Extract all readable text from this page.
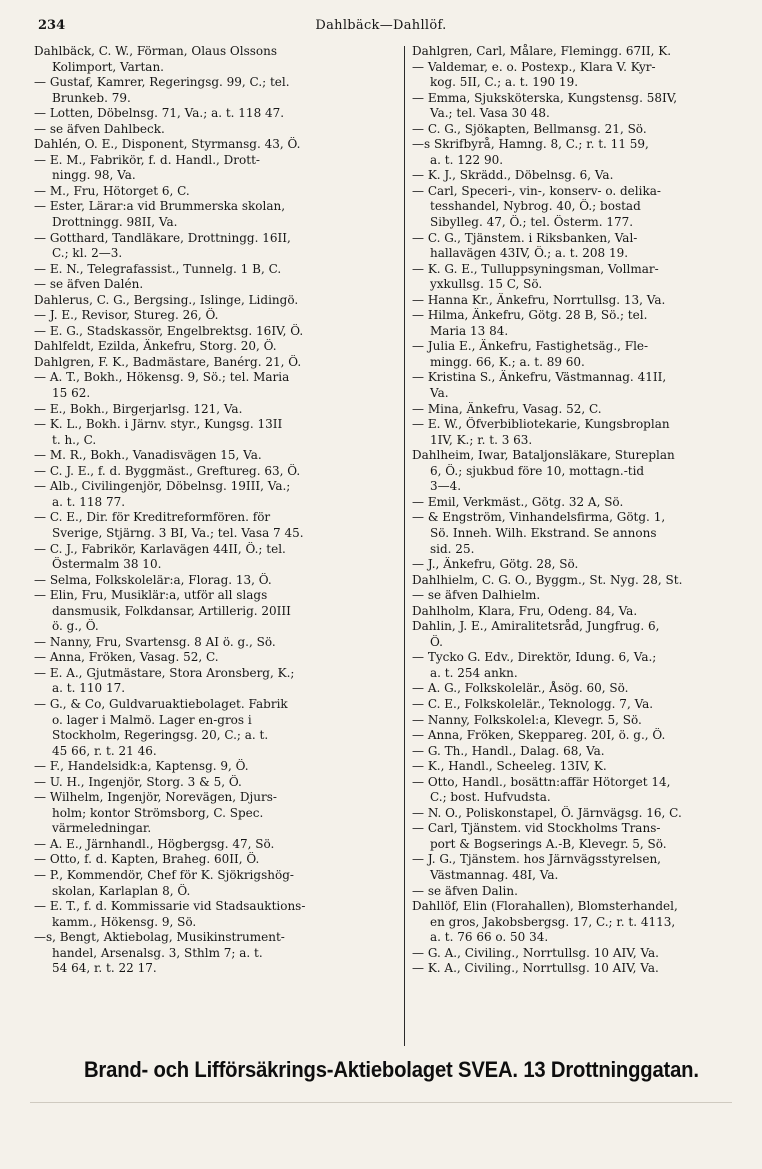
234	Dahlbäck—Dahllöf.
Dahlbäck, C. W., Förman, Olaus Olssons
Kolimport, Vartan.
— Gustaf, Kamrer, Regeringsg. 99, C.; tel.
Brunkeb. 79.
— Lotten, Döbelnsg. 71, Va.; a. t. 118 47.
— se äfven Dahlbeck.
Dahlén, O. E., Disponent, Styrmansg. 43, Ö.
— E. M., Fabrikör, f. d. Handl., Drott-
ningg. 98, Va.
— M., Fru, Hötorget 6, C.
— Ester, Lärar:a vid Brummerska skolan,
Drottningg. 98II, Va.
— Gotthard, Tandläkare, Drottningg. 16II,
C.; kl. 2—3.
— E. N., Telegrafassist., Tunnelg. 1 B, C.
— se äfven Dalén.
Dahlerus, C. G., Bergsing., Islinge, Lidingö.
— J. E., Revisor, Stureg. 26, Ö.
— E. G., Stadskassör, Engelbrektsg. 16IV, Ö.
Dahlfeldt, Ezilda, Änkefru, Storg. 20, Ö.
Dahlgren, F. K., Badmästare, Banérg. 21, Ö.
— A. T., Bokh., Hökensg. 9, Sö.; tel. Maria
15 62.
— E., Bokh., Birgerjarlsg. 121, Va.
— K. L., Bokh. i Järnv. styr., Kungsg. 13II
t. h., C.
— M. R., Bokh., Vanadisvägen 15, Va.
— C. J. E., f. d. Byggmäst., Greftureg. 63, Ö.
— Alb., Civilingenjör, Döbelnsg. 19III, Va.;
a. t. 118 77.
— C. E., Dir. för Kreditreformfören. för
Sverige, Stjärng. 3 BI, Va.; tel. Vasa 7 45.
— C. J., Fabrikör, Karlavägen 44II, Ö.; tel.
Östermalm 38 10.
— Selma, Folkskolelär:a, Florag. 13, Ö.
— Elin, Fru, Musiklär:a, utför all slags
dansmusik, Folkdansar, Artillerig. 20III
ö. g., Ö.
— Nanny, Fru, Svartensg. 8 AI ö. g., Sö.
— Anna, Fröken, Vasag. 52, C.
— E. A., Gjutmästare, Stora Aronsberg, K.;
a. t. 110 17.
— G., & Co, Guldvaruaktiebolaget. Fabrik
o. lager i Malmö. Lager en-gros i
Stockholm, Regeringsg. 20, C.; a. t.
45 66, r. t. 21 46.
— F., Handelsidk:a, Kaptensg. 9, Ö.
— U. H., Ingenjör, Storg. 3 & 5, Ö.
— Wilhelm, Ingenjör, Norevägen, Djurs-
holm; kontor Strömsborg, C. Spec.
värmeledningar.
— A. E., Järnhandl., Högbergsg. 47, Sö.
— Otto, f. d. Kapten, Braheg. 60II, Ö.
— P., Kommendör, Chef för K. Sjökrigshög-
skolan, Karlaplan 8, Ö.
— E. T., f. d. Kommissarie vid Stadsauktions-
kamm., Hökensg. 9, Sö.
—s, Bengt, Aktiebolag, Musikinstrument-
handel, Arsenalsg. 3, Sthlm 7; a. t.
54 64, r. t. 22 17.
Dahlgren, Carl, Målare, Flemingg. 67II, K.
— Valdemar, e. o. Postexp., Klara V. Kyr-
kog. 5II, C.; a. t. 190 19.
— Emma, Sjuksköterska, Kungstensg. 58IV,
Va.; tel. Vasa 30 48.
— C. G., Sjökapten, Bellmansg. 21, Sö.
—s Skrifbyrå, Hamng. 8, C.; r. t. 11 59,
a. t. 122 90.
— K. J., Skrädd., Döbelnsg. 6, Va.
— Carl, Speceri-, vin-, konserv- o. delika-
tesshandel, Nybrog. 40, Ö.; bostad
Sibylleg. 47, Ö.; tel. Österm. 177.
— C. G., Tjänstem. i Riksbanken, Val-
hallavägen 43IV, Ö.; a. t. 208 19.
— K. G. E., Tulluppsyningsman, Vollmar-
yxkullsg. 15 C, Sö.
— Hanna Kr., Änkefru, Norrtullsg. 13, Va.
— Hilma, Änkefru, Götg. 28 B, Sö.; tel.
Maria 13 84.
— Julia E., Änkefru, Fastighetsäg., Fle-
mingg. 66, K.; a. t. 89 60.
— Kristina S., Änkefru, Västmannag. 41II,
Va.
— Mina, Änkefru, Vasag. 52, C.
— E. W., Öfverbibliotekarie, Kungsbroplan
1IV, K.; r. t. 3 63.
Dahlheim, Iwar, Bataljonsläkare, Stureplan
6, Ö.; sjukbud före 10, mottagn.-tid
3—4.
— Emil, Verkmäst., Götg. 32 A, Sö.
— & Engström, Vinhandelsfirma, Götg. 1,
Sö. Inneh. Wilh. Ekstrand. Se annons
sid. 25.
— J., Änkefru, Götg. 28, Sö.
Dahlhielm, C. G. O., Byggm., St. Nyg. 28, St.
— se äfven Dalhielm.
Dahlholm, Klara, Fru, Odeng. 84, Va.
Dahlin, J. E., Amiralitetsråd, Jungfrug. 6,
Ö.
— Tycko G. Edv., Direktör, Idung. 6, Va.;
a. t. 254 ankn.
— A. G., Folkskolelär., Åsög. 60, Sö.
— C. E., Folkskolelär., Teknologg. 7, Va.
— Nanny, Folkskolel:a, Klevegr. 5, Sö.
— Anna, Fröken, Skeppareg. 20I, ö. g., Ö.
— G. Th., Handl., Dalag. 68, Va.
— K., Handl., Scheeleg. 13IV, K.
— Otto, Handl., bosättn:affär Hötorget 14,
C.; bost. Hufvudsta.
— N. O., Poliskonstapel, Ö. Järnvägsg. 16, C.
— Carl, Tjänstem. vid Stockholms Trans-
port & Bogserings A.-B, Klevegr. 5, Sö.
— J. G., Tjänstem. hos Järnvägsstyrelsen,
Västmannag. 48I, Va.
— se äfven Dalin.
Dahllöf, Elin (Florahallen), Blomsterhandel,
en gros, Jakobsbergsg. 17, C.; r. t. 4113,
a. t. 76 66 o. 50 34.
— G. A., Civiling., Norrtullsg. 10 AIV, Va.
— K. A., Civiling., Norrtullsg. 10 AIV, Va.
Brand- och Lifförsäkrings-Aktiebolaget SVEA. 13 Drottninggatan.
